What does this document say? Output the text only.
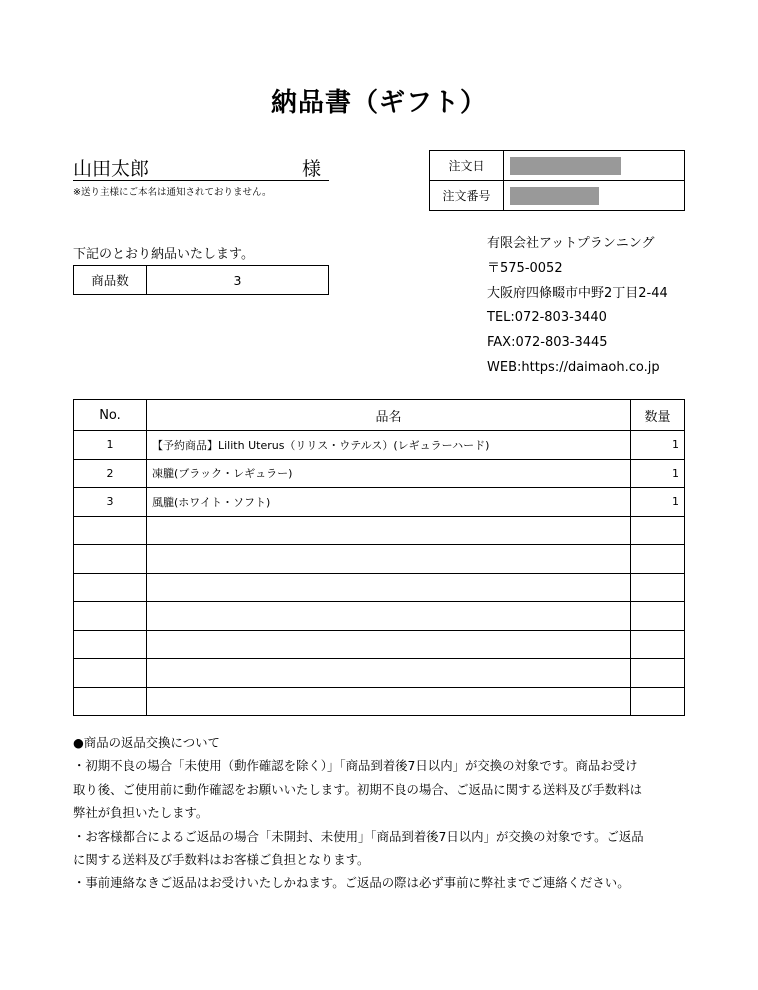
納品書（ギフト）
山田太郎	様
※送り主様にご本名は通知されておりません。
注文日	
注文番号	
下記のとおり納品いたします。
商品数	3
有限会社アットプランニング
〒575-0052
大阪府四條畷市中野2丁目2-44
TEL:072-803-3440
FAX:072-803-3445
WEB:https://daimaoh.co.jp
No.	品名	数量
1	【予約商品】Lilith Uterus（リリス・ウテルス）(レギュラーハード)	1
2	凍朧(ブラック・レギュラー)	1
3	風朧(ホワイト・ソフト)	1

●商品の返品交換について
・初期不良の場合「未使用（動作確認を除く）」「商品到着後7日以内」が交換の対象です。商品お受け
取り後、ご使用前に動作確認をお願いいたします。初期不良の場合、ご返品に関する送料及び手数料は
弊社が負担いたします。
・お客様都合によるご返品の場合「未開封、未使用」「商品到着後7日以内」が交換の対象です。ご返品
に関する送料及び手数料はお客様ご負担となります。
・事前連絡なきご返品はお受けいたしかねます。ご返品の際は必ず事前に弊社までご連絡ください。
